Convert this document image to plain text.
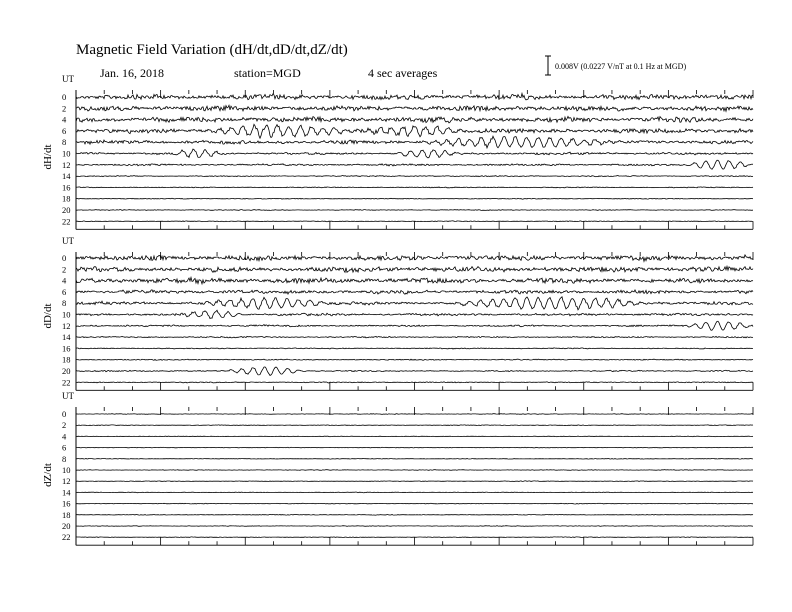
Magnetic Field Variation (dH/dt,dD/dt,dZ/dt)
Jan. 16, 2018	station=MGD	4 sec averages	0.008V (0.0227 V/nT at 0.1 Hz at MGD)
UT
dH/dt
0
2
4
6
8
10
12
14
16
18
20
22
UT
dD/dt
0
2
4
6
8
10
12
14
16
18
20
22
UT
dZ/dt
0
2
4
6
8
10
12
14
16
18
20
22
